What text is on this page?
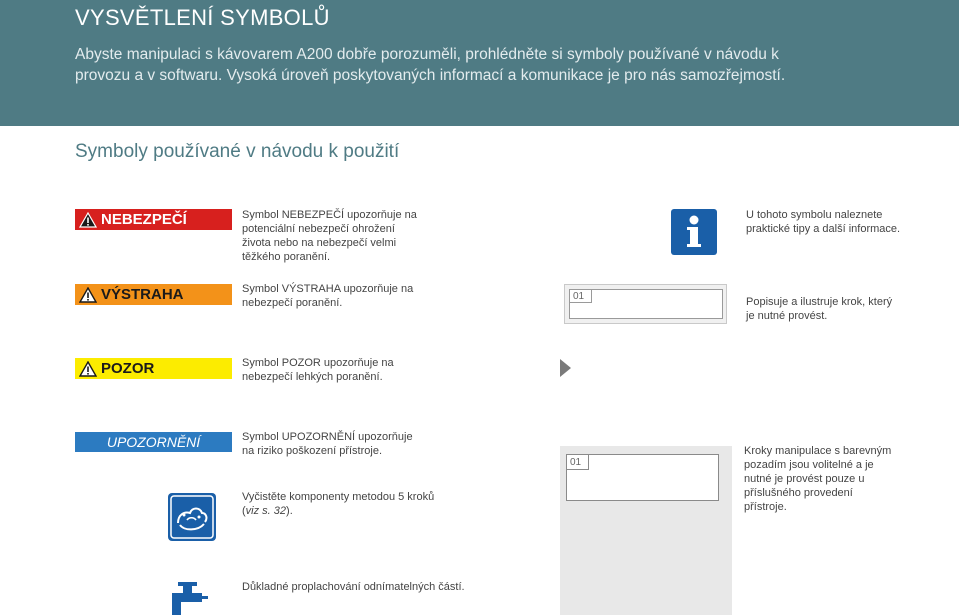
VYSVĚTLENÍ SYMBOLŮ

Abyste manipulaci s kávovarem A200 dobře porozuměli, prohlédněte si symboly používané v návodu k provozu a v softwaru. Vysoká úroveň poskytovaných informací a komunikace je pro nás samozřejmostí.

Symboly používané v návodu k použití
NEBEZPEČÍ	Symbol NEBEZPEČÍ upozorňuje na potenciální nebezpečí ohrožení života nebo na nebezpečí velmi těžkého poranění.
VÝSTRAHA	Symbol VÝSTRAHA upozorňuje na nebezpečí poranění.
POZOR	Symbol POZOR upozorňuje na nebezpečí lehkých poranění.
UPOZORNĚNÍ	Symbol UPOZORNĚNÍ upozorňuje na riziko poškození přístroje.
Vyčistěte komponenty metodou 5 kroků (viz s. 32).
Důkladné proplachování odnímatelných částí.
U tohoto symbolu naleznete praktické tipy a další informace.
01	Popisuje a ilustruje krok, který je nutné provést.
01
Kroky manipulace s barevným pozadím jsou volitelné a je nutné je provést pouze u příslušného provedení přístroje.
